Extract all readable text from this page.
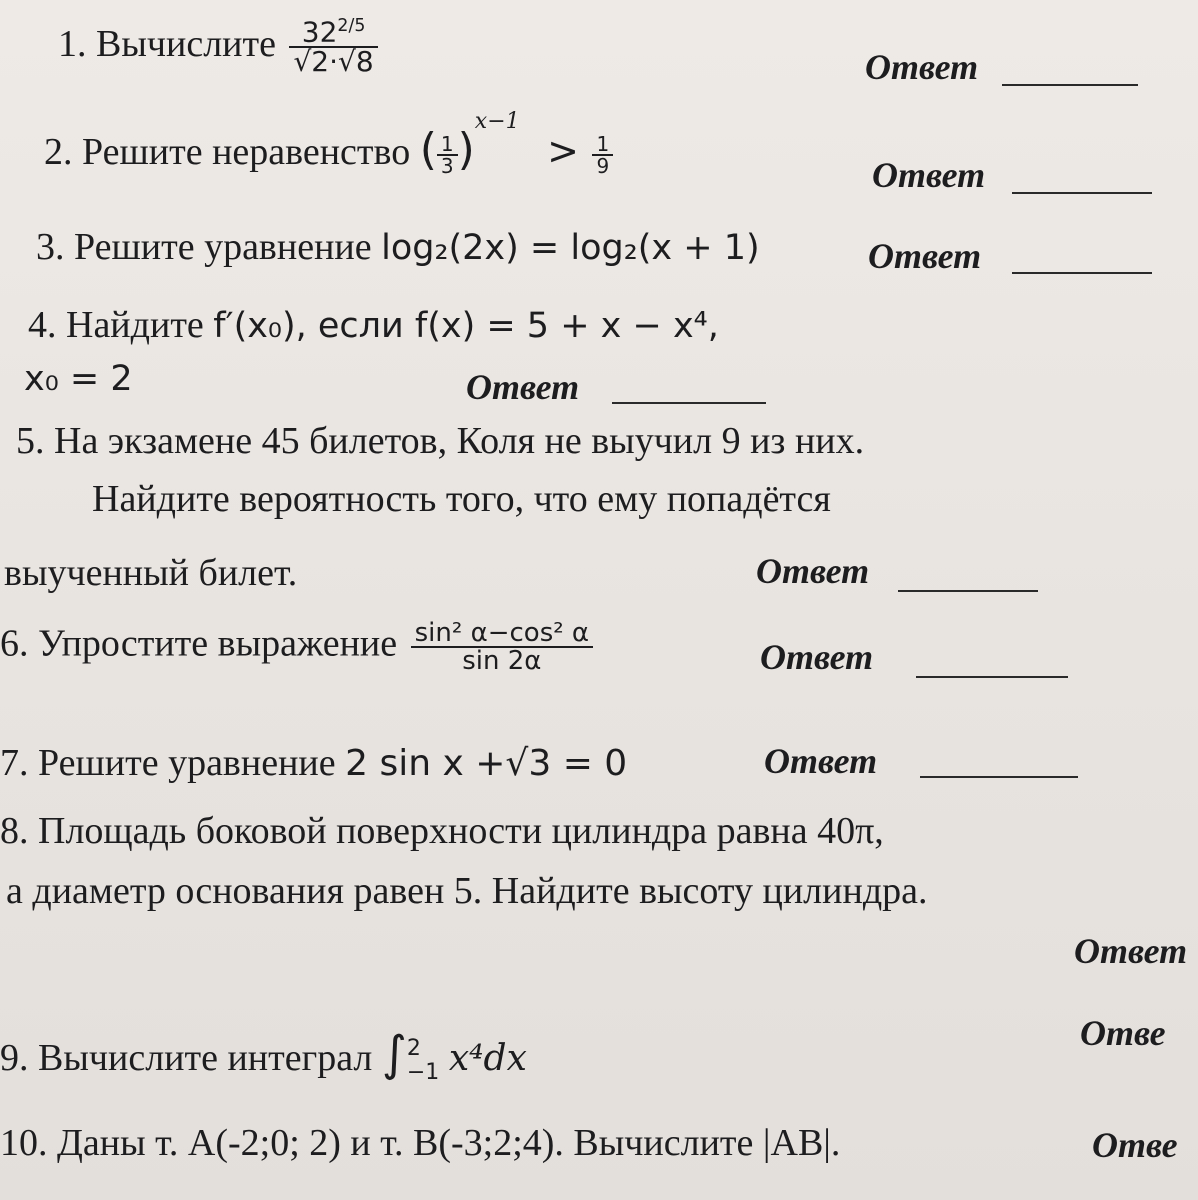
1. Вычислите $\frac{32^{2/5}}{√2\cdot√8}$	Ответ
2. Решите неравенство ( $\frac{1}{3} )^{x-1} > \frac{1}{9}$	Ответ
3. Решите уравнение log₂(2x) = log₂(x + 1)	Ответ
4. Найдите f′(x₀), если f(x) = 5 + x − x⁴,
x₀ = 2	Ответ
5. На экзамене 45 билетов, Коля не выучил 9 из них.
Найдите вероятность того, что ему попадётся
выученный билет.	Ответ
6. Упростите выражение $\frac{\text{sin² α−cos² α}}{\sin 2\alpha}$	Ответ
7. Решите уравнение 2 sin x +√3 = 0	Ответ
8. Площадь боковой поверхности цилиндра равна 40π,
а диаметр основания равен 5. Найдите высоту цилиндра.
Ответ
9. Вычислите интеграл ∫ 2
−1 x⁴dx
Отве
10. Даны т. А(-2;0; 2) и т. В(-3;2;4). Вычислите |AB|.	Отве
